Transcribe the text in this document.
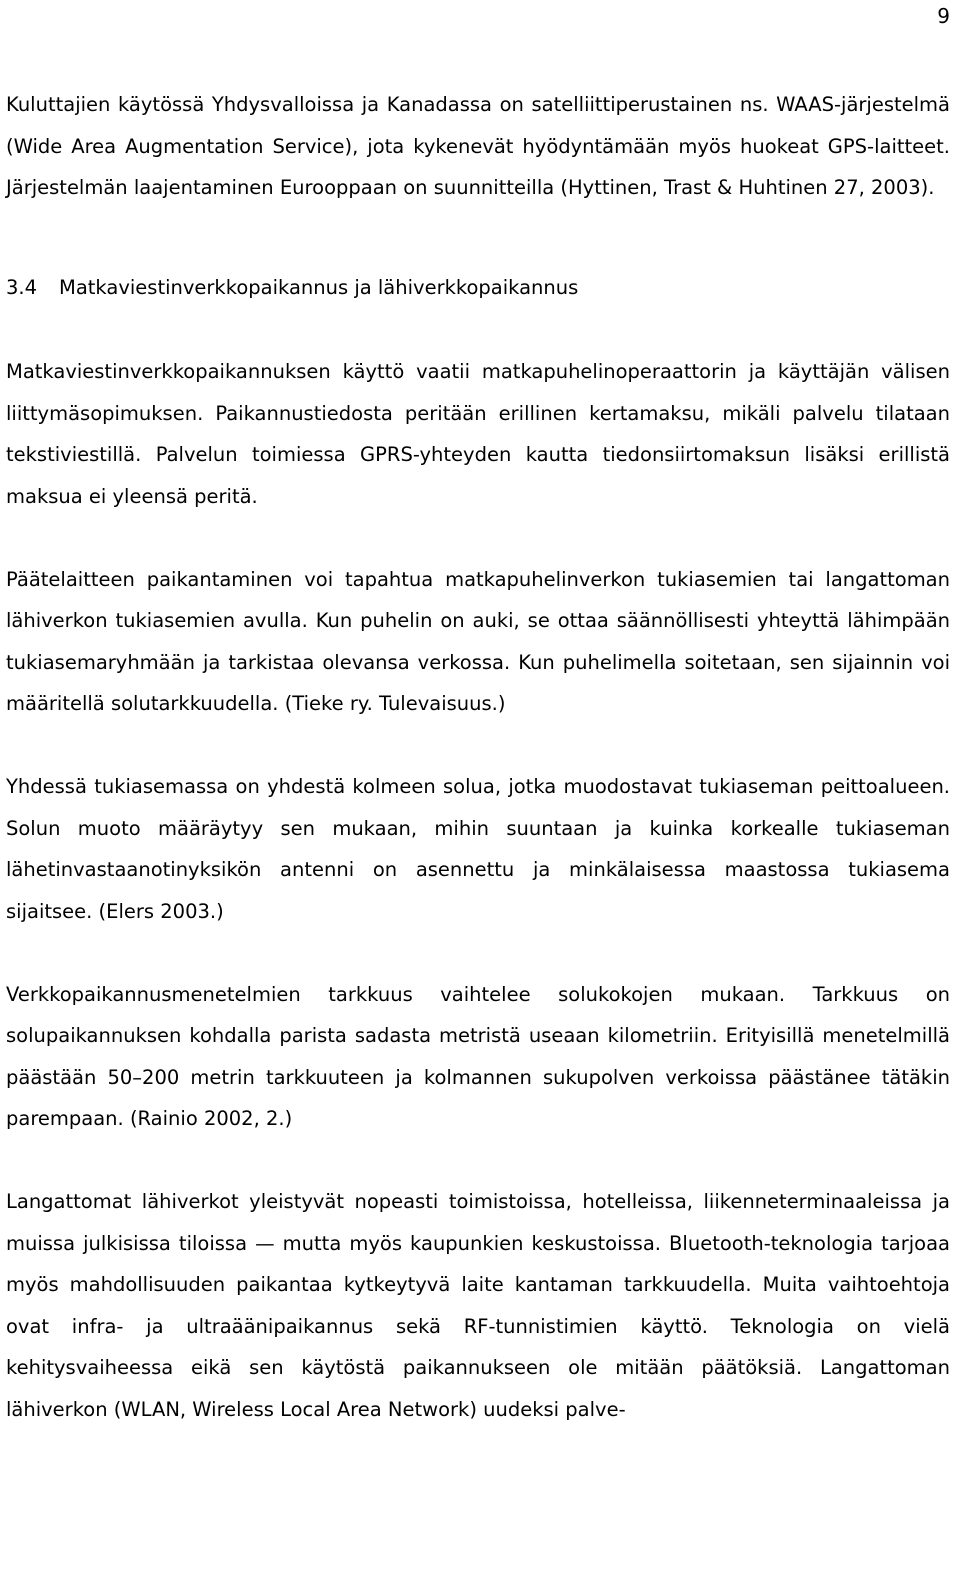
9

Kuluttajien käytössä Yhdysvalloissa ja Kanadassa on satelliittiperustainen ns. WAAS-järjestelmä (Wide Area Augmentation Service), jota kykenevät hyödyntämään myös huokeat GPS-laitteet. Järjestelmän laajentaminen Eurooppaan on suunnitteilla (Hyttinen, Trast & Huhtinen 27, 2003).

3.4 Matkaviestinverkkopaikannus ja lähiverkkopaikannus

Matkaviestinverkkopaikannuksen käyttö vaatii matkapuhelinoperaattorin ja käyttäjän välisen liittymäsopimuksen. Paikannustiedosta peritään erillinen kertamaksu, mikäli palvelu tilataan tekstiviestillä. Palvelun toimiessa GPRS-yhteyden kautta tiedonsiirtomaksun lisäksi erillistä maksua ei yleensä peritä.

Päätelaitteen paikantaminen voi tapahtua matkapuhelinverkon tukiasemien tai langattoman lähiverkon tukiasemien avulla. Kun puhelin on auki, se ottaa säännöllisesti yhteyttä lähimpään tukiasemaryhmään ja tarkistaa olevansa verkossa. Kun puhelimella soitetaan, sen sijainnin voi määritellä solutarkkuudella. (Tieke ry. Tulevaisuus.)

Yhdessä tukiasemassa on yhdestä kolmeen solua, jotka muodostavat tukiaseman peittoalueen. Solun muoto määräytyy sen mukaan, mihin suuntaan ja kuinka korkealle tukiaseman lähetinvastaanotinyksikön antenni on asennettu ja minkälaisessa maastossa tukiasema sijaitsee. (Elers 2003.)

Verkkopaikannusmenetelmien tarkkuus vaihtelee solukokojen mukaan. Tarkkuus on solupaikannuksen kohdalla parista sadasta metristä useaan kilometriin. Erityisillä menetelmillä päästään 50–200 metrin tarkkuuteen ja kolmannen sukupolven verkoissa päästänee tätäkin parempaan. (Rainio 2002, 2.)

Langattomat lähiverkot yleistyvät nopeasti toimistoissa, hotelleissa, liikenneterminaaleissa ja muissa julkisissa tiloissa — mutta myös kaupunkien keskustoissa. Bluetooth-teknologia tarjoaa myös mahdollisuuden paikantaa kytkeytyvä laite kantaman tarkkuudella. Muita vaihtoehtoja ovat infra- ja ultraäänipaikannus sekä RF-tunnistimien käyttö. Teknologia on vielä kehitysvaiheessa eikä sen käytöstä paikannukseen ole mitään päätöksiä. Langattoman lähiverkon (WLAN, Wireless Local Area Network) uudeksi palve-
